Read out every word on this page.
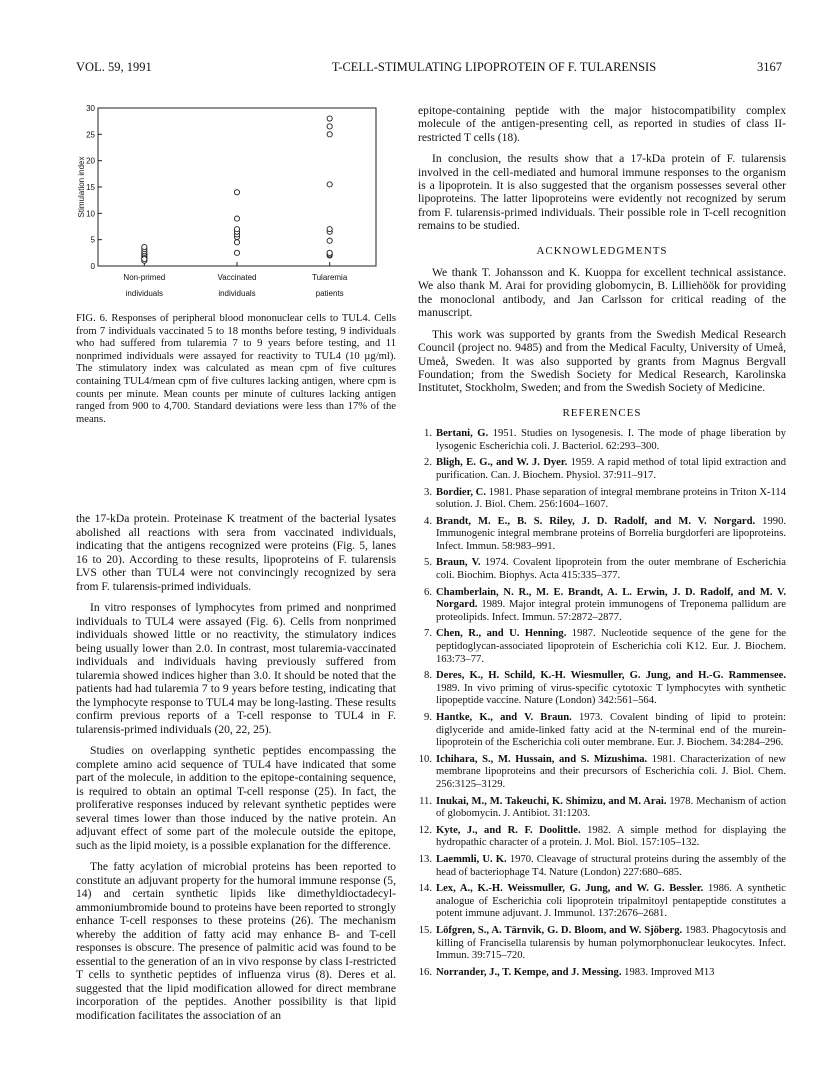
VOL. 59, 1991	T-CELL-STIMULATING LIPOPROTEIN OF F. TULARENSIS	3167
0
5
10
15
20
25
30
Stimulation index
Non-primed
individuals
Vaccinated
individuals
Tularemia
patients
FIG. 6. Responses of peripheral blood mononuclear cells to TUL4. Cells from 7 individuals vaccinated 5 to 18 months before testing, 9 individuals who had suffered from tularemia 7 to 9 years before testing, and 11 nonprimed individuals were assayed for reactivity to TUL4 (10 µg/ml). The stimulatory index was calculated as mean cpm of five cultures containing TUL4/mean cpm of five cultures lacking antigen, where cpm is counts per minute. Mean counts per minute of cultures lacking antigen ranged from 900 to 4,700. Standard deviations were less than 17% of the means.

the 17-kDa protein. Proteinase K treatment of the bacterial lysates abolished all reactions with sera from vaccinated individuals, indicating that the antigens recognized were proteins (Fig. 5, lanes 16 to 20). According to these results, lipoproteins of F. tularensis LVS other than TUL4 were not convincingly recognized by sera from F. tularensis-primed individuals.

In vitro responses of lymphocytes from primed and nonprimed individuals to TUL4 were assayed (Fig. 6). Cells from nonprimed individuals showed little or no reactivity, the stimulatory indices being usually lower than 2.0. In contrast, most tularemia-vaccinated individuals and individuals having previously suffered from tularemia showed indices higher than 3.0. It should be noted that the patients had had tularemia 7 to 9 years before testing, indicating that the lymphocyte response to TUL4 may be long-lasting. These results confirm previous reports of a T-cell response to TUL4 in F. tularensis-primed individuals (20, 22, 25).

Studies on overlapping synthetic peptides encompassing the complete amino acid sequence of TUL4 have indicated that some part of the molecule, in addition to the epitope-containing sequence, is required to obtain an optimal T-cell response (25). In fact, the proliferative responses induced by relevant synthetic peptides were several times lower than those induced by the native protein. An adjuvant effect of some part of the molecule outside the epitope, such as the lipid moiety, is a possible explanation for the difference.

The fatty acylation of microbial proteins has been reported to constitute an adjuvant property for the humoral immune response (5, 14) and certain synthetic lipids like dimethyldioctadecyl-ammoniumbromide bound to proteins have been reported to strongly enhance T-cell responses to these proteins (26). The mechanism whereby the addition of fatty acid may enhance B- and T-cell responses is obscure. The presence of palmitic acid was found to be essential to the generation of an in vivo response by class I-restricted T cells to synthetic peptides of influenza virus (8). Deres et al. suggested that the lipid modification allowed for direct membrane incorporation of the peptides. Another possibility is that lipid modification facilitates the association of an

epitope-containing peptide with the major histocompatibility complex molecule of the antigen-presenting cell, as reported in studies of class II-restricted T cells (18).

In conclusion, the results show that a 17-kDa protein of F. tularensis involved in the cell-mediated and humoral immune responses to the organism is a lipoprotein. It is also suggested that the organism possesses several other lipoproteins. The latter lipoproteins were evidently not recognized by serum from F. tularensis-primed individuals. Their possible role in T-cell recognition remains to be studied.

ACKNOWLEDGMENTS

We thank T. Johansson and K. Kuoppa for excellent technical assistance. We also thank M. Arai for providing globomycin, B. Lilliehöök for providing the monoclonal antibody, and Jan Carlsson for critical reading of the manuscript.

This work was supported by grants from the Swedish Medical Research Council (project no. 9485) and from the Medical Faculty, University of Umeå, Umeå, Sweden. It was also supported by grants from Magnus Bergvall Foundation; from the Swedish Society for Medical Research, Karolinska Institutet, Stockholm, Sweden; and from the Swedish Society of Medicine.

REFERENCES
1. Bertani, G. 1951. Studies on lysogenesis. I. The mode of phage liberation by lysogenic Escherichia coli. J. Bacteriol. 62:293–300.
2. Bligh, E. G., and W. J. Dyer. 1959. A rapid method of total lipid extraction and purification. Can. J. Biochem. Physiol. 37:911–917.
3. Bordier, C. 1981. Phase separation of integral membrane proteins in Triton X-114 solution. J. Biol. Chem. 256:1604–1607.
4. Brandt, M. E., B. S. Riley, J. D. Radolf, and M. V. Norgard. 1990. Immunogenic integral membrane proteins of Borrelia burgdorferi are lipoproteins. Infect. Immun. 58:983–991.
5. Braun, V. 1974. Covalent lipoprotein from the outer membrane of Escherichia coli. Biochim. Biophys. Acta 415:335–377.
6. Chamberlain, N. R., M. E. Brandt, A. L. Erwin, J. D. Radolf, and M. V. Norgard. 1989. Major integral protein immunogens of Treponema pallidum are proteolipids. Infect. Immun. 57:2872–2877.
7. Chen, R., and U. Henning. 1987. Nucleotide sequence of the gene for the peptidoglycan-associated lipoprotein of Escherichia coli K12. Eur. J. Biochem. 163:73–77.
8. Deres, K., H. Schild, K.-H. Wiesmuller, G. Jung, and H.-G. Rammensee. 1989. In vivo priming of virus-specific cytotoxic T lymphocytes with synthetic lipopeptide vaccine. Nature (London) 342:561–564.
9. Hantke, K., and V. Braun. 1973. Covalent binding of lipid to protein: diglyceride and amide-linked fatty acid at the N-terminal end of the murein-lipoprotein of the Escherichia coli outer membrane. Eur. J. Biochem. 34:284–296.
10. Ichihara, S., M. Hussain, and S. Mizushima. 1981. Characterization of new membrane lipoproteins and their precursors of Escherichia coli. J. Biol. Chem. 256:3125–3129.
11. Inukai, M., M. Takeuchi, K. Shimizu, and M. Arai. 1978. Mechanism of action of globomycin. J. Antibiot. 31:1203.
12. Kyte, J., and R. F. Doolittle. 1982. A simple method for displaying the hydropathic character of a protein. J. Mol. Biol. 157:105–132.
13. Laemmli, U. K. 1970. Cleavage of structural proteins during the assembly of the head of bacteriophage T4. Nature (London) 227:680–685.
14. Lex, A., K.-H. Weissmuller, G. Jung, and W. G. Bessler. 1986. A synthetic analogue of Escherichia coli lipoprotein tripalmitoyl pentapeptide constitutes a potent immune adjuvant. J. Immunol. 137:2676–2681.
15. Löfgren, S., A. Tärnvik, G. D. Bloom, and W. Sjöberg. 1983. Phagocytosis and killing of Francisella tularensis by human polymorphonuclear leukocytes. Infect. Immun. 39:715–720.
16. Norrander, J., T. Kempe, and J. Messing. 1983. Improved M13
